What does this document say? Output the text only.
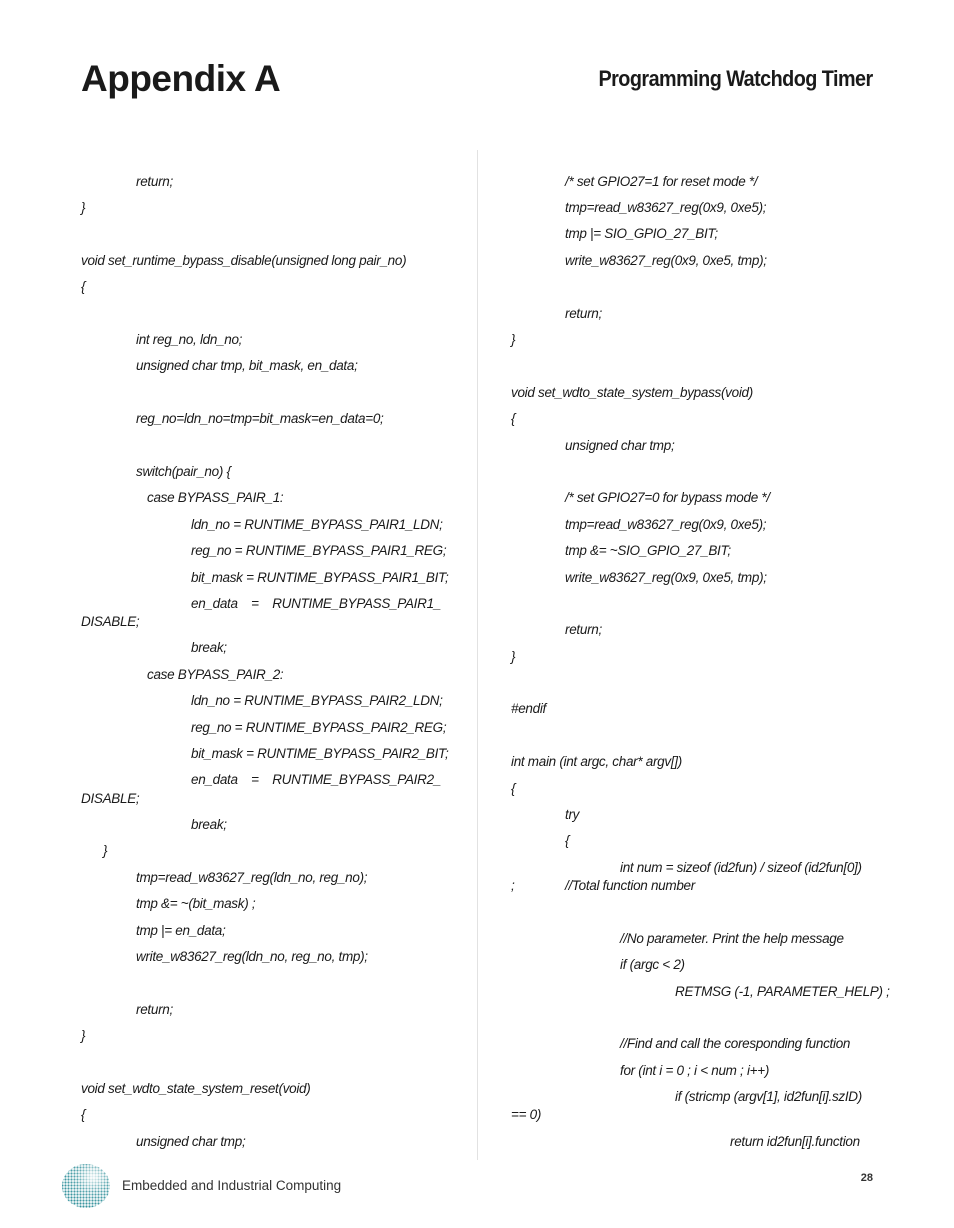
Appendix A	Programming Watchdog Timer
return;
}
void set_runtime_bypass_disable(unsigned long pair_no)
{
int reg_no, ldn_no;
unsigned char tmp, bit_mask, en_data;
reg_no=ldn_no=tmp=bit_mask=en_data=0;
switch(pair_no) {
case BYPASS_PAIR_1:
ldn_no = RUNTIME_BYPASS_PAIR1_LDN;
reg_no = RUNTIME_BYPASS_PAIR1_REG;
bit_mask = RUNTIME_BYPASS_PAIR1_BIT;
en_data = RUNTIME_BYPASS_PAIR1_
DISABLE;
break;
case BYPASS_PAIR_2:
ldn_no = RUNTIME_BYPASS_PAIR2_LDN;
reg_no = RUNTIME_BYPASS_PAIR2_REG;
bit_mask = RUNTIME_BYPASS_PAIR2_BIT;
en_data = RUNTIME_BYPASS_PAIR2_
DISABLE;
break;
}
tmp=read_w83627_reg(ldn_no, reg_no);
tmp &= ~(bit_mask) ;
tmp |= en_data;
write_w83627_reg(ldn_no, reg_no, tmp);
return;
}
void set_wdto_state_system_reset(void)
{
unsigned char tmp;
/* set GPIO27=1 for reset mode */
tmp=read_w83627_reg(0x9, 0xe5);
tmp |= SIO_GPIO_27_BIT;
write_w83627_reg(0x9, 0xe5, tmp);
return;
}
void set_wdto_state_system_bypass(void)
{
unsigned char tmp;
/* set GPIO27=0 for bypass mode */
tmp=read_w83627_reg(0x9, 0xe5);
tmp &= ~SIO_GPIO_27_BIT;
write_w83627_reg(0x9, 0xe5, tmp);
return;
}
#endif
int main (int argc, char* argv[])
{
try
{
int num = sizeof (id2fun) / sizeof (id2fun[0])
;	//Total function number
//No parameter. Print the help message
if (argc < 2)
RETMSG (-1, PARAMETER_HELP) ;
//Find and call the coresponding function
for (int i = 0 ; i < num ; i++)
if (stricmp (argv[1], id2fun[i].szID)
== 0)
return id2fun[i].function
Embedded and Industrial Computing	28
